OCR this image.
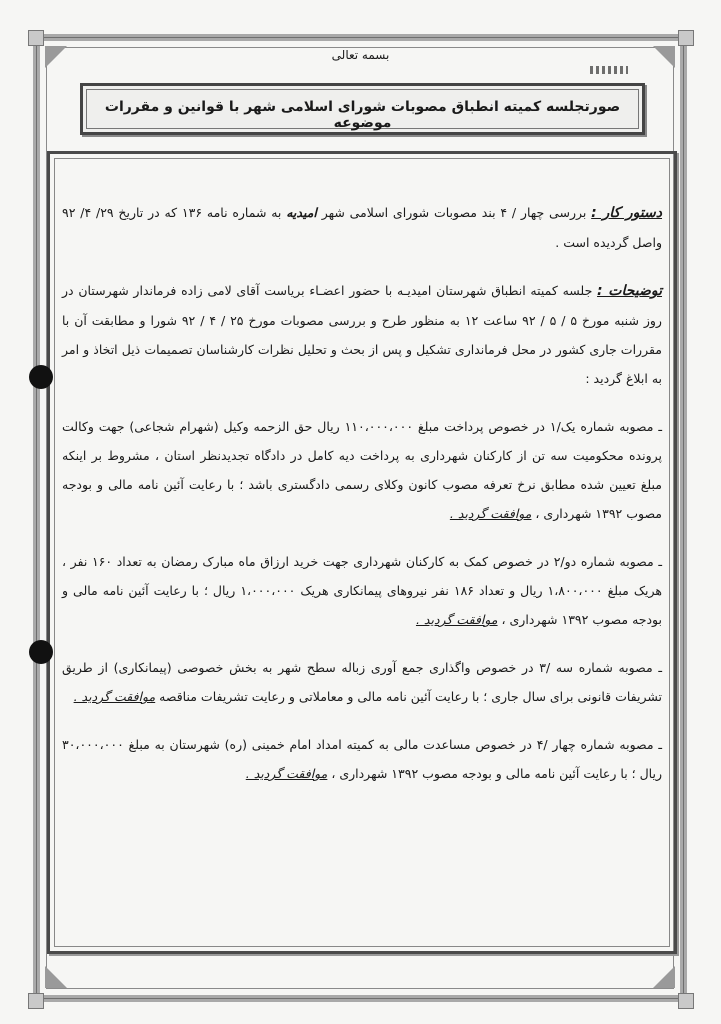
بسمه تعالی
صورتجلسه کمیته انطباق مصوبات شورای اسلامی شهر با قوانین و مقررات موضوعه

دستور کار : بررسی چهار / ۴ بند مصوبات شورای اسلامی شهر امیدیه به شماره نامه ۱۳۶ که در تاریخ ۲۹/ ۴/ ۹۲ واصل گردیده است .

توضیحات : جلسه کمیته انطباق شهرستان امیدیـه با حضور اعضـاء بریاست آقای لامی زاده فرماندار شهرستان در روز شنبه مورخ ۵ / ۵ / ۹۲ ساعت ۱۲ به منظور طرح و بررسی مصوبات مورخ ۲۵ / ۴ / ۹۲ شورا و مطابقت آن با مقررات جاری کشور در محل فرمانداری تشکیل و پس از بحث و تحلیل نظرات کارشناسان تصمیمات ذیل اتخاذ و امر به ابلاغ گردید :

ـ مصوبه شماره یک/۱ در خصوص پرداخت مبلغ ۱۱۰،۰۰۰،۰۰۰ ریال حق الزحمه وکیل (شهرام شجاعی) جهت وکالت پرونده محکومیت سه تن از کارکنان شهرداری به پرداخت دیه کامل در دادگاه تجدیدنظر استان ، مشروط بر اینکه مبلغ تعیین شده مطابق نرخ تعرفه مصوب کانون وکلای رسمی دادگستری باشد ؛ با رعایت آئین نامه مالی و بودجه مصوب ۱۳۹۲ شهرداری ، موافقت گردید .

ـ مصوبه شماره دو/۲ در خصوص کمک به کارکنان شهرداری جهت خرید ارزاق ماه مبارک رمضان به تعداد ۱۶۰ نفر ، هریک مبلغ ۱،۸۰۰،۰۰۰ ریال و تعداد ۱۸۶ نفر نیروهای پیمانکاری هریک ۱،۰۰۰،۰۰۰ ریال ؛ با رعایت آئین نامه مالی و بودجه مصوب ۱۳۹۲ شهرداری ، موافقت گردید .

ـ مصوبه شماره سه /۳ در خصوص واگذاری جمع آوری زباله سطح شهر به بخش خصوصی (پیمانکاری) از طریق تشریفات قانونی برای سال جاری ؛ با رعایت آئین نامه مالی و معاملاتی و رعایت تشریفات مناقصه موافقت گردید .

ـ مصوبه شماره چهار /۴ در خصوص مساعدت مالی به کمیته امداد امام خمینی (ره) شهرستان به مبلغ ۳۰،۰۰۰،۰۰۰ ریال ؛ با رعایت آئین نامه مالی و بودجه مصوب ۱۳۹۲ شهرداری ، موافقت گردید .
